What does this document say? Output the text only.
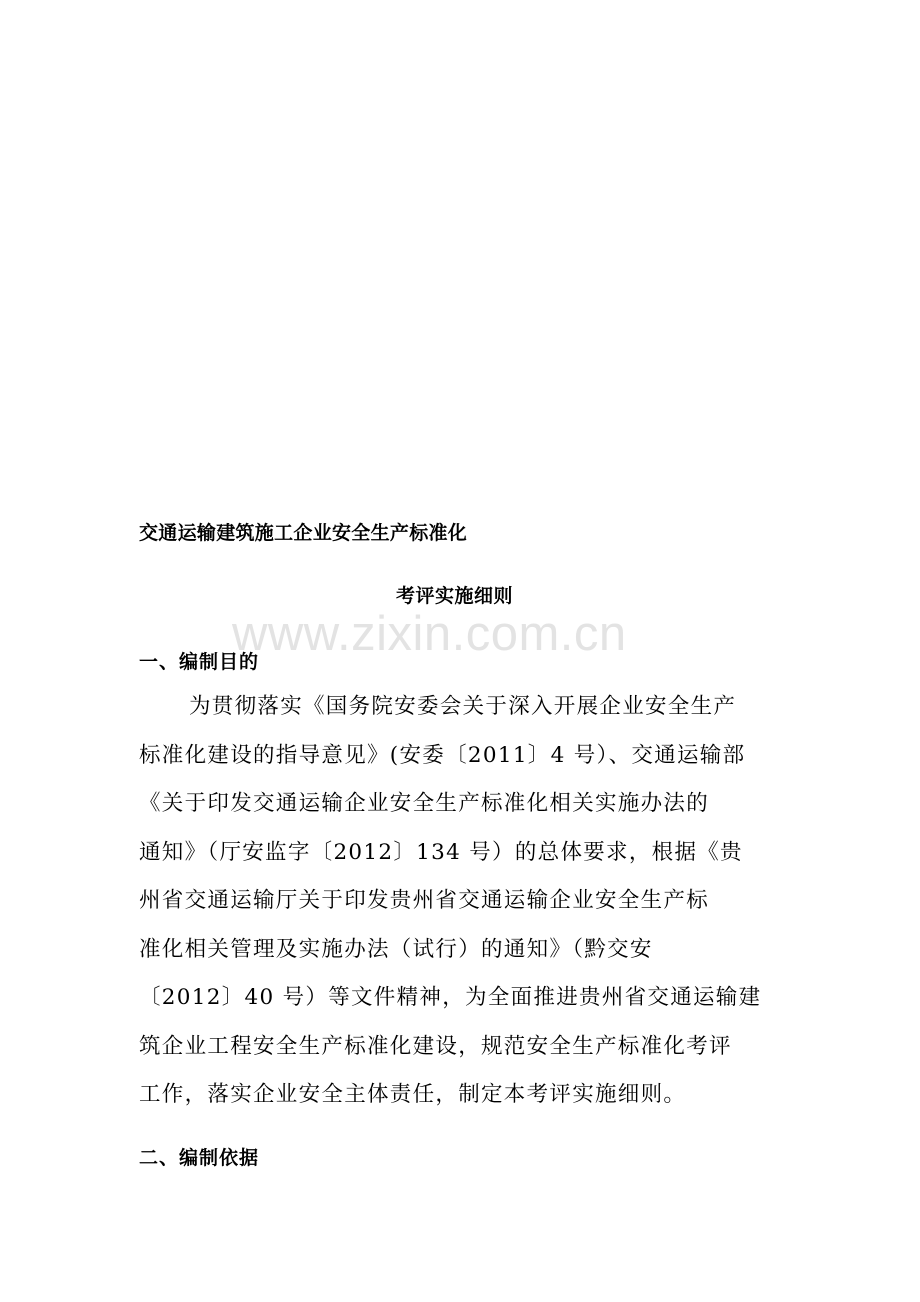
www.zixin.com.cn
交通运输建筑施工企业安全生产标准化
考评实施细则
一、编制目的
为贯彻落实《国务院安委会关于深入开展企业安全生产
标准化建设的指导意见》(安委〔2011〕4 号）、交通运输部
《关于印发交通运输企业安全生产标准化相关实施办法的
通知》（厅安监字〔2012〕134 号）的总体要求，根据《贵
州省交通运输厅关于印发贵州省交通运输企业安全生产标
准化相关管理及实施办法（试行）的通知》（黔交安
〔2012〕40 号）等文件精神，为全面推进贵州省交通运输建
筑企业工程安全生产标准化建设，规范安全生产标准化考评
工作，落实企业安全主体责任，制定本考评实施细则。
二、编制依据
